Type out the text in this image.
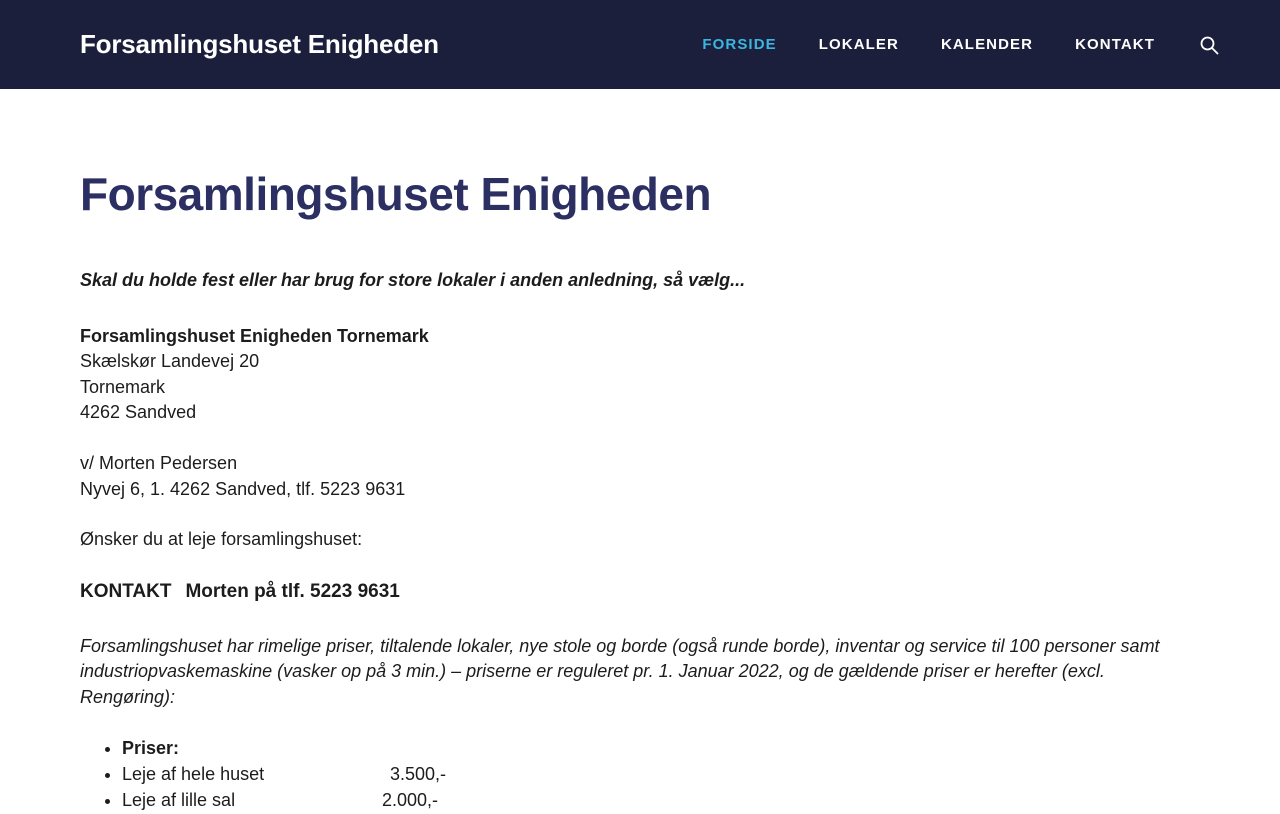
Forsamlingshuset Enigheden	FORSIDE	LOKALER	KALENDER	KONTAKT
Forsamlingshuset Enigheden

Skal du holde fest eller har brug for store lokaler i anden anledning, så vælg...

Forsamlingshuset Enigheden Tornemark

Skælskør Landevej 20

Tornemark

4262 Sandved

v/ Morten Pedersen

Nyvej 6, 1. 4262 Sandved, tlf. 5223 9631

Ønsker du at leje forsamlingshuset:

KONTAKT Morten på tlf. 5223 9631

Forsamlingshuset har rimelige priser, tiltalende lokaler, nye stole og borde (også runde borde), inventar og service til 100 personer samt industriopvaskemaskine (vasker op på 3 min.) – priserne er reguleret pr. 1. Januar 2022, og de gældende priser er herefter (excl. Rengøring):

• Priser:
• Leje af hele huset	3.500,-
• Leje af lille sal	2.000,-
